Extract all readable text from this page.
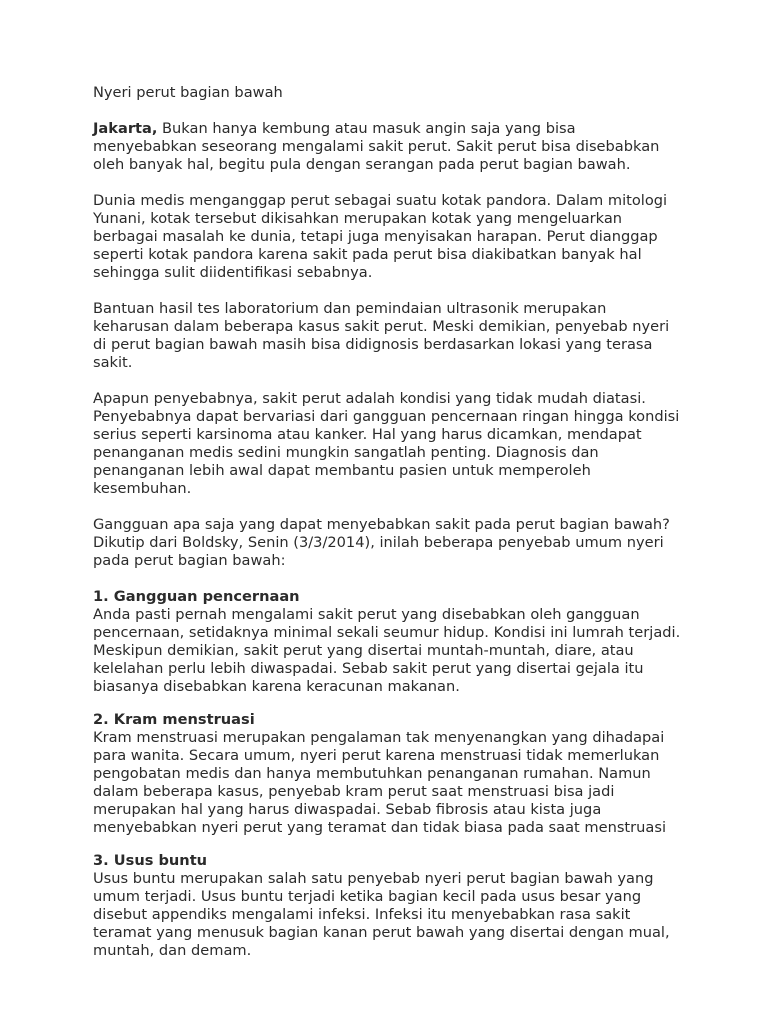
Nyeri perut bagian bawah

Jakarta, Bukan hanya kembung atau masuk angin saja yang bisa menyebabkan seseorang mengalami sakit perut. Sakit perut bisa disebabkan oleh banyak hal, begitu pula dengan serangan pada perut bagian bawah.

Dunia medis menganggap perut sebagai suatu kotak pandora. Dalam mitologi Yunani, kotak tersebut dikisahkan merupakan kotak yang mengeluarkan berbagai masalah ke dunia, tetapi juga menyisakan harapan. Perut dianggap seperti kotak pandora karena sakit pada perut bisa diakibatkan banyak hal sehingga sulit diidentifikasi sebabnya.

Bantuan hasil tes laboratorium dan pemindaian ultrasonik merupakan keharusan dalam beberapa kasus sakit perut. Meski demikian, penyebab nyeri di perut bagian bawah masih bisa didignosis berdasarkan lokasi yang terasa sakit.

Apapun penyebabnya, sakit perut adalah kondisi yang tidak mudah diatasi. Penyebabnya dapat bervariasi dari gangguan pencernaan ringan hingga kondisi serius seperti karsinoma atau kanker. Hal yang harus dicamkan, mendapat penanganan medis sedini mungkin sangatlah penting. Diagnosis dan penanganan lebih awal dapat membantu pasien untuk memperoleh kesembuhan.

Gangguan apa saja yang dapat menyebabkan sakit pada perut bagian bawah? Dikutip dari Boldsky, Senin (3/3/2014), inilah beberapa penyebab umum nyeri pada perut bagian bawah:

1. Gangguan pencernaan

Anda pasti pernah mengalami sakit perut yang disebabkan oleh gangguan pencernaan, setidaknya minimal sekali seumur hidup. Kondisi ini lumrah terjadi. Meskipun demikian, sakit perut yang disertai muntah-muntah, diare, atau kelelahan perlu lebih diwaspadai. Sebab sakit perut yang disertai gejala itu biasanya disebabkan karena keracunan makanan.

2. Kram menstruasi

Kram menstruasi merupakan pengalaman tak menyenangkan yang dihadapai para wanita. Secara umum, nyeri perut karena menstruasi tidak memerlukan pengobatan medis dan hanya membutuhkan penanganan rumahan. Namun dalam beberapa kasus, penyebab kram perut saat menstruasi bisa jadi merupakan hal yang harus diwaspadai. Sebab fibrosis atau kista juga menyebabkan nyeri perut yang teramat dan tidak biasa pada saat menstruasi

3. Usus buntu

Usus buntu merupakan salah satu penyebab nyeri perut bagian bawah yang umum terjadi. Usus buntu terjadi ketika bagian kecil pada usus besar yang disebut appendiks mengalami infeksi. Infeksi itu menyebabkan rasa sakit teramat yang menusuk bagian kanan perut bawah yang disertai dengan mual, muntah, dan demam.
